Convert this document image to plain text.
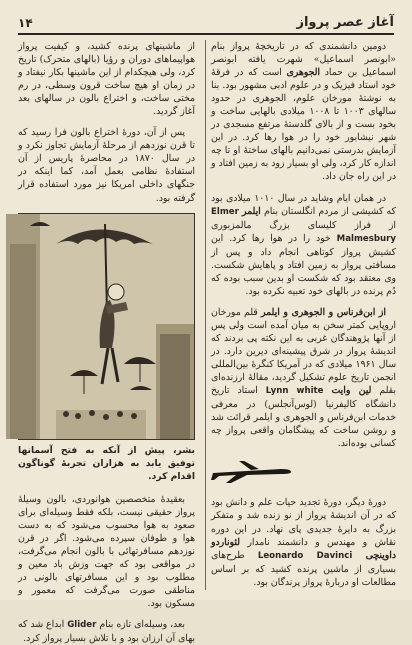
۱۴	آغاز عصر پرواز

دومین دانشمندی که در تاریخچهٔ پرواز بنام «ابونصر اسماعیل» شهرت یافته ابونصر اسماعیل بن حماد الجوهری است که در فرقهٔ خود استاد فیزیک و در علوم ادبی مشهور بود. بنا به نوشتهٔ مورخان علوم، الجوهری در حدود سالهای ۱۰۰۳ تا ۱۰۰۸ میلادی بالهایی ساخت و بخود بست و از بالای گلدستهٔ مرتفع مسجدی در شهر نیشابور خود را در هوا رها کرد. در این آزمایش بدرستی نمی‌دانیم بالهای ساختهٔ او تا چه اندازه کار کرد، ولی او بسیار زود به زمین افتاد و در این راه جان داد.

در همان ایام وشاید در سال ۱۰۱۰ میلادی بود که کشیشی از مردم انگلستان بنام ایلمر Elmer از فراز کلیسای بزرگ مالمزبوری Malmesbury خود را در هوا رها کرد. این کشیش پرواز کوتاهی انجام داد و پس از مسافتی پرواز به زمین افتاد و پاهایش شکست. وی معتقد بود که شکست او بدین سبب بوده که دُم پرنده در بالهای خود تعبیه نکرده بود.

از ابن‌فرناس و الجوهری و ایلمر قلم مورخان اروپایی کمتر سخن به میان آمده است ولی پس از آنها پژوهندگان غربی به این نکته پی بردند که اندیشهٔ پرواز در شرق پیشینه‌ای دیرین دارد. در سال ۱۹۶۱ میلادی که در آمریکا کنگرهٔ بین‌المللی انجمن تاریخ علوم تشکیل گردید، مقالهٔ ارزنده‌ای بقلم لین وایت Lynn white استاد تاریخ دانشگاه کالیفرنیا (لوس‌آنجلس) در معرفی خدمات ابن‌فرناس و الجوهری و ایلمر قرائت شد و روشن ساخت که پیشگامان واقعی پرواز چه کسانی بوده‌اند.

دورهٔ دیگر، دورهٔ تجدید حیات علم و دانش بود که در آن اندیشهٔ پرواز از نو زنده شد و متفکر بزرگ به دایرهٔ جدیدی پای نهاد. در این دوره نقاش و مهندس و دانشمند نامدار لئوناردو داوینچی Leonardo Davinci طرح‌های بسیاری از ماشین پرنده کشید که بر اساس مطالعات او دربارهٔ پرواز پرندگان بود.

از ماشینهای پرنده کشید، و کیفیت پرواز هواپیماهای دوران و رؤیا (بالهای متحرک) تاریخ کرد، ولی هیچکدام از این ماشینها بکار نیفتاد و در زمان او هیچ ساخت قرون وسطی، در رم مختی ساخت، و اختراع بالون در سالهای بعد آغاز گردید.

پس از آن، دورهٔ اختراع بالون فرا رسید که تا قرن نوزدهم از مرحلهٔ آزمایش تجاوز نکرد و در سال ۱۸۷۰ در محاصرهٔ پاریس از آن استفادهٔ نظامی بعمل آمد، کما اینکه در جنگهای داخلی امریکا نیز مورد استفاده قرار گرفته بود.

بشر، پیش از آنکه به فتح آسمانها توفیق یابد به هزاران تجربهٔ گوناگون اقدام کرد.

بعقیدهٔ متخصصین هوانوردی، بالون وسیلهٔ پرواز حقیقی نیست، بلکه فقط وسیله‌ای برای صعود به هوا محسوب می‌شود که به دست هوا و طوفان سپرده می‌شود. اگر در قرن نوزدهم مسافرتهائی با بالون انجام می‌گرفت، در مواقعی بود که جهت وزش باد معین و مطلوب بود و این مسافرتهای بالونی در مناطقی صورت می‌گرفت که معمور و مسکون بود.

بعد، وسیله‌ای تازه بنام Glider ابداع شد که بهای آن ارزان بود و با تلاش بسیار پرواز کرد.
